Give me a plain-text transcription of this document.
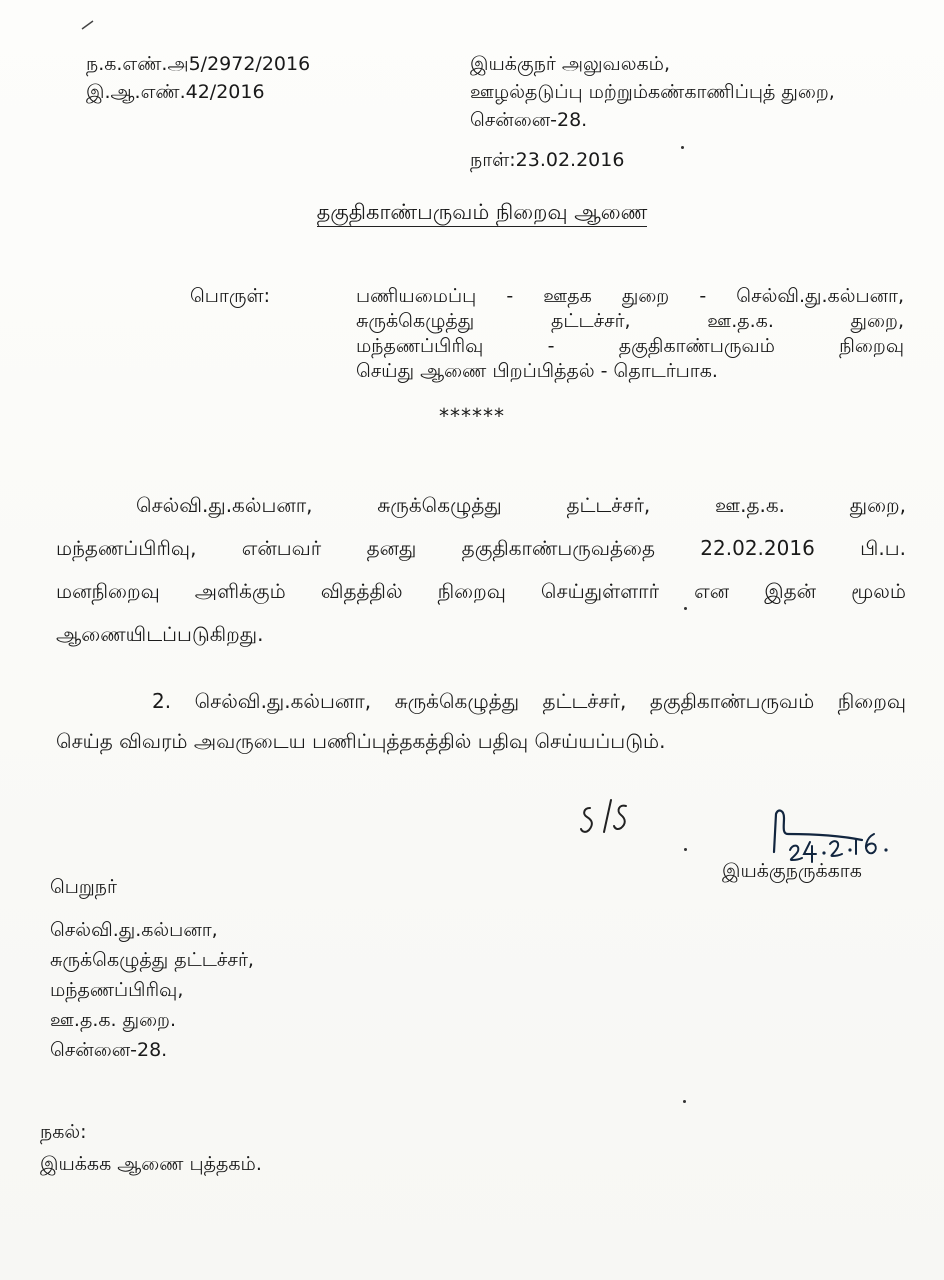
ந.க.எண்.அ5/2972/2016
இ.ஆ.எண்.42/2016
இயக்குநர் அலுவலகம்,
ஊழல்தடுப்பு மற்றும்கண்காணிப்புத் துறை,
சென்னை-28.
நாள்:23.02.2016
தகுதிகாண்பருவம் நிறைவு ஆணை
பொருள்:	பணியமைப்பு - ஊதக துறை - செல்வி.து.கல்பனா,
சுருக்கெழுத்து தட்டச்சர், ஊ.த.க. துறை,
மந்தணப்பிரிவு - தகுதிகாண்பருவம் நிறைவு
செய்து ஆணை பிறப்பித்தல் - தொடர்பாக.
******
செல்வி.து.கல்பனா, சுருக்கெழுத்து தட்டச்சர், ஊ.த.க. துறை,
மந்தணப்பிரிவு, என்பவர் தனது தகுதிகாண்பருவத்தை 22.02.2016 பி.ப.
மனநிறைவு அளிக்கும் விதத்தில் நிறைவு செய்துள்ளார் என இதன் மூலம்
ஆணையிடப்படுகிறது.
2. செல்வி.து.கல்பனா, சுருக்கெழுத்து தட்டச்சர், தகுதிகாண்பருவம் நிறைவு
செய்த விவரம் அவருடைய பணிப்புத்தகத்தில் பதிவு செய்யப்படும்.
இயக்குநருக்காக
பெறுநர்
செல்வி.து.கல்பனா,
சுருக்கெழுத்து தட்டச்சர்,
மந்தணப்பிரிவு,
ஊ.த.க. துறை.
சென்னை-28.
நகல்:
இயக்கக ஆணை புத்தகம்.
